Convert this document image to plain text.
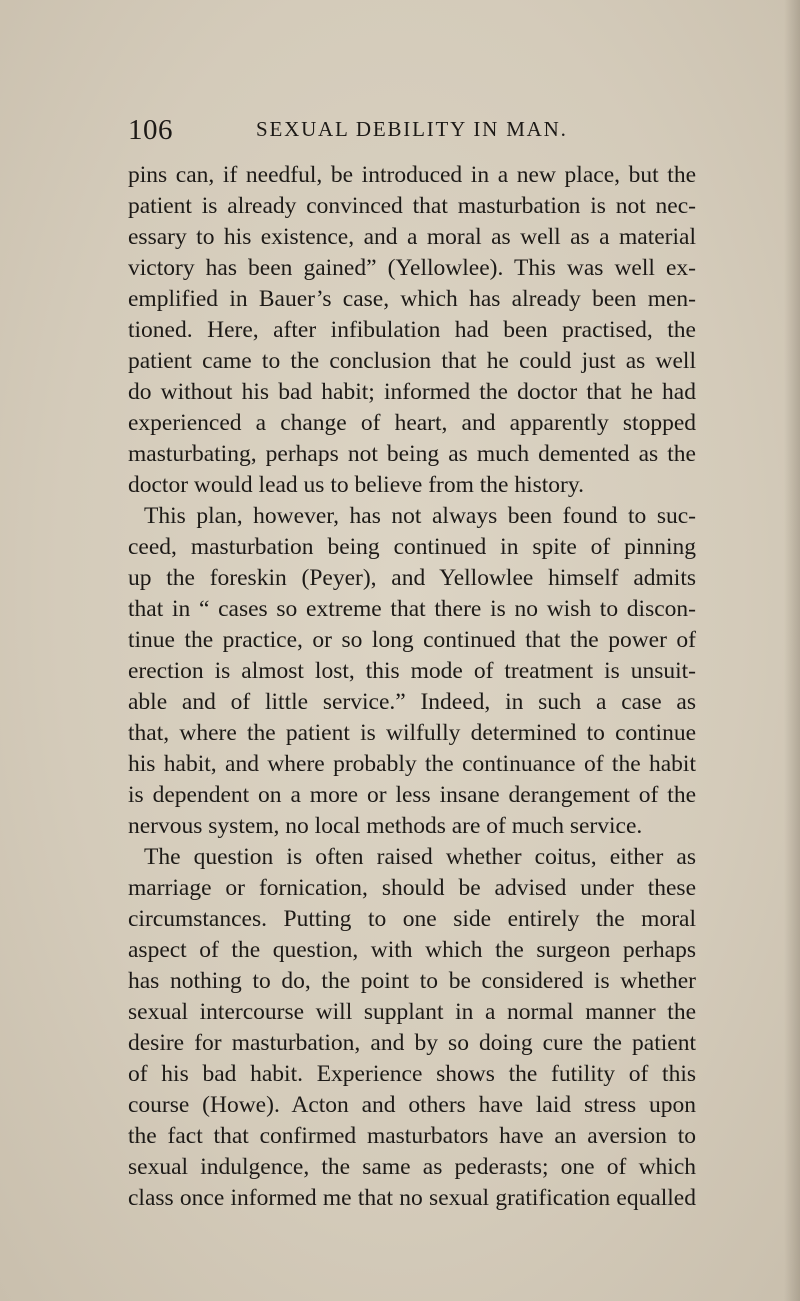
106	SEXUAL DEBILITY IN MAN.
pins can, if needful, be introduced in a new place, but the
patient is already convinced that masturbation is not nec-
essary to his existence, and a moral as well as a material
victory has been gained” (Yellowlee). This was well ex-
emplified in Bauer’s case, which has already been men-
tioned. Here, after infibulation had been practised, the
patient came to the conclusion that he could just as well
do without his bad habit; informed the doctor that he had
experienced a change of heart, and apparently stopped
masturbating, perhaps not being as much demented as the
doctor would lead us to believe from the history.
This plan, however, has not always been found to suc-
ceed, masturbation being continued in spite of pinning
up the foreskin (Peyer), and Yellowlee himself admits
that in “ cases so extreme that there is no wish to discon-
tinue the practice, or so long continued that the power of
erection is almost lost, this mode of treatment is unsuit-
able and of little service.” Indeed, in such a case as
that, where the patient is wilfully determined to continue
his habit, and where probably the continuance of the habit
is dependent on a more or less insane derangement of the
nervous system, no local methods are of much service.
The question is often raised whether coitus, either as
marriage or fornication, should be advised under these
circumstances. Putting to one side entirely the moral
aspect of the question, with which the surgeon perhaps
has nothing to do, the point to be considered is whether
sexual intercourse will supplant in a normal manner the
desire for masturbation, and by so doing cure the patient
of his bad habit. Experience shows the futility of this
course (Howe). Acton and others have laid stress upon
the fact that confirmed masturbators have an aversion to
sexual indulgence, the same as pederasts; one of which
class once informed me that no sexual gratification equalled
